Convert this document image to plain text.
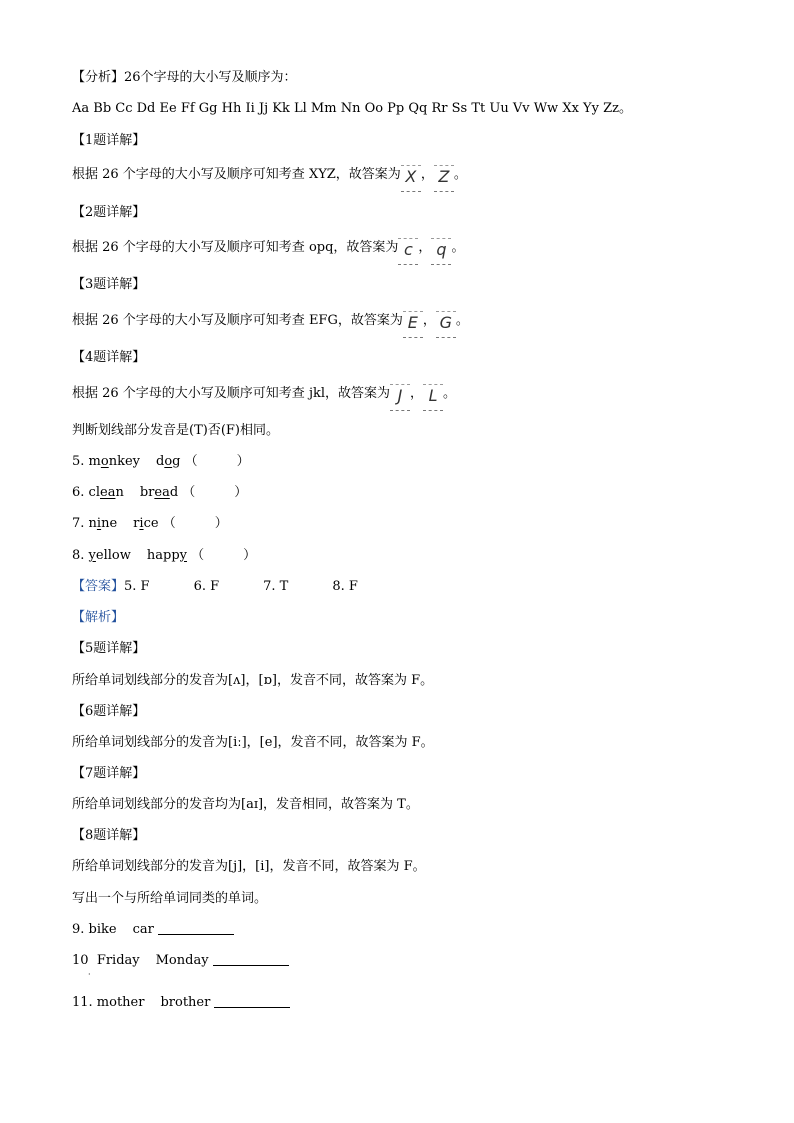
【分析】26个字母的大小写及顺序为：
Aa Bb Cc Dd Ee Ff Gg Hh Ii Jj Kk Ll Mm Nn Oo Pp Qq Rr Ss Tt Uu Vv Ww Xx Yy Zz。
【1题详解】
根据 26 个字母的大小写及顺序可知考查 XYZ，故答案为 X ， Z 。
【2题详解】
根据 26 个字母的大小写及顺序可知考查 opq，故答案为 c ， q 。
【3题详解】
根据 26 个字母的大小写及顺序可知考查 EFG，故答案为 E ， G 。
【4题详解】
根据 26 个字母的大小写及顺序可知考查 jkl，故答案为 J ， L 。
判断划线部分发音是(T)否(F)相同。
5. monkey dog （　　　）
6. clean bread （　　　）
7. nine rice （　　　）
8. yellow happy （　　　）
【答案】5. F	6. F	7. T	8. F
【解析】
【5题详解】
所给单词划线部分的发音为[ʌ]，[ɒ]，发音不同，故答案为 F。
【6题详解】
所给单词划线部分的发音为[iː]，[e]，发音不同，故答案为 F。
【7题详解】
所给单词划线部分的发音均为[aɪ]，发音相同，故答案为 T。
【8题详解】
所给单词划线部分的发音为[j]，[i]，发音不同，故答案为 F。
写出一个与所给单词同类的单词。
9. bike car
10 Friday Monday
·
11. mother brother
